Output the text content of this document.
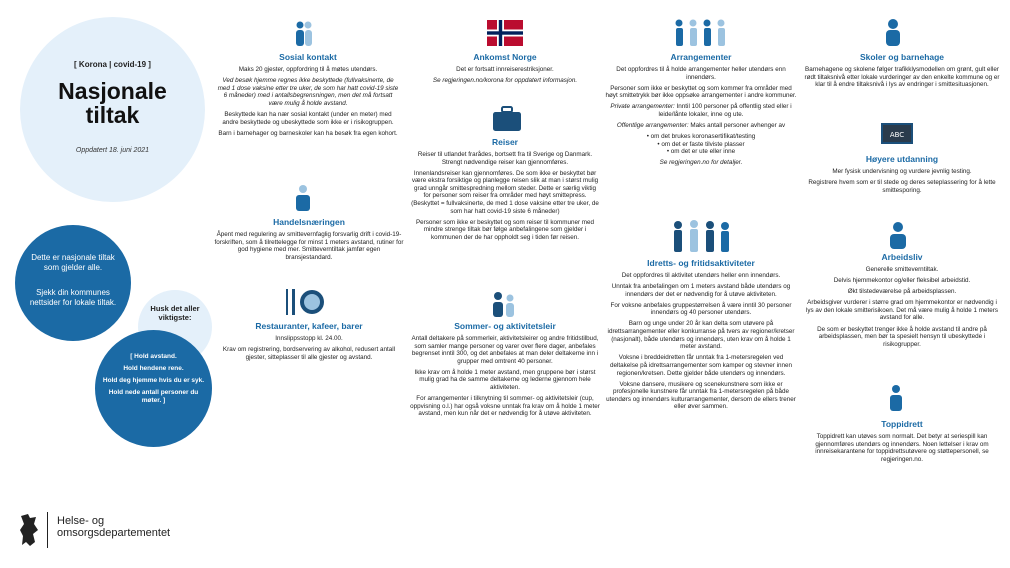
[ Korona | covid-19 ]
Nasjonale
tiltak
Oppdatert 18. juni 2021

Dette er nasjonale tiltak som gjelder alle.

Sjekk din kommunes nettsider for lokale tiltak.

Husk det aller viktigste:
[ Hold avstand.
Hold hendene rene.
Hold deg hjemme hvis du er syk.
Hold nede antall personer du møter. ]
ABC
Sosial kontakt

Maks 20 gjester, oppfordring til å møtes utendørs.

Ved besøk hjemme regnes ikke beskyttede (fullvaksinerte, de med 1 dose vaksine etter tre uker, de som har hatt covid-19 siste 6 måneder) med i antallsbegrensningen, men det må fortsatt være mulig å holde avstand.

Beskyttede kan ha nær sosial kontakt (under en meter) med andre beskyttede og ubeskyttede som ikke er i risikogruppen.

Barn i barnehager og barneskoler kan ha besøk fra egen kohort.

Handelsnæringen

Åpent med regulering av smittevernfaglig forsvarlig drift i covid-19-forskriften, som å tilrettelegge for minst 1 meters avstand, rutiner for god hygiene med mer. Smitteverntiltak jamfør egen bransjestandard.

Restauranter, kafeer, barer

Innslippsstopp kl. 24.00.

Krav om registrering, bordservering av alkohol, redusert antall gjester, sitteplasser til alle gjester og avstand.

Ankomst Norge

Det er fortsatt innreiserestriksjoner.

Se regjeringen.no/korona for oppdatert informasjon.

Reiser

Reiser til utlandet frarådes, bortsett fra til Sverige og Danmark. Strengt nødvendige reiser kan gjennomføres.

Innenlandsreiser kan gjennomføres. De som ikke er beskyttet bør være ekstra forsiktige og planlegge reisen slik at man i størst mulig grad unngår smittespredning mellom steder. Dette er særlig viktig for personer som reiser fra områder med høyt smittepress. (Beskyttet = fullvaksinerte, de med 1 dose vaksine etter tre uker, de som har hatt covid-19 siste 6 måneder)

Personer som ikke er beskyttet og som reiser til kommuner med mindre strenge tiltak bør følge anbefalingene som gjelder i kommunen der de har oppholdt seg i tiden før reisen.

Sommer- og aktivitetsleir

Antall deltakere på sommerleir, aktivitetsleirer og andre fritidstilbud, som samler mange personer og varer over flere dager, anbefales begrenset inntil 300, og det anbefales at man deler deltakerne inn i grupper med omtrent 40 personer.

Ikke krav om å holde 1 meter avstand, men gruppene bør i størst mulig grad ha de samme deltakerne og lederne gjennom hele aktiviteten.

For arrangementer i tilknytning til sommer- og aktivitetsleir (cup, oppvisning o.l.) har også voksne unntak fra krav om å holde 1 meter avstand, men kun når det er nødvendig for å utøve aktiviteten.

Arrangementer

Det oppfordres til å holde arrangementer heller utendørs enn innendørs.

Personer som ikke er beskyttet og som kommer fra områder med høyt smittetrykk bør ikke oppsøke arrangementer i andre kommuner.

Private arrangementer: Inntil 100 personer på offentlig sted eller i leide/lånte lokaler, inne og ute.

Offentlige arrangementer: Maks antall personer avhenger av

• om det brukes koronasertifikat/testing

• om det er faste tilviste plasser

• om det er ute eller inne

Se regjeringen.no for detaljer.

Idretts- og fritidsaktiviteter

Det oppfordres til aktivitet utendørs heller enn innendørs.

Unntak fra anbefalingen om 1 meters avstand både utendørs og innendørs der det er nødvendig for å utøve aktiviteten.

For voksne anbefales gruppestørrelsen å være inntil 30 personer innendørs og 40 personer utendørs.

Barn og unge under 20 år kan delta som utøvere på idrettsarrangementer eller konkurranse på tvers av regioner/kretser (nasjonalt), både utendørs og innendørs, uten krav om å holde 1 meter avstand.

Voksne i breddeidretten får unntak fra 1-metersregelen ved deltakelse på idrettsarrangementer som kamper og stevner innen regionen/kretsen. Dette gjelder både utendørs og innendørs.

Voksne dansere, musikere og scenekunstnere som ikke er profesjonelle kunstnere får unntak fra 1-metersregelen på både utendørs og innendørs kulturarrangementer, dersom de ellers trener eller øver sammen.

Skoler og barnehage

Barnehagene og skolene følger trafikklysmodellen om grønt, gult eller rødt tiltaksnivå etter lokale vurderinger av den enkelte kommune og er klar til å endre tiltaksnivå i lys av endringer i smittesituasjonen.

Høyere utdanning

Mer fysisk undervisning og vurdere jevnlig testing.

Registrere hvem som er til stede og deres seteplassering for å lette smittesporing.

Arbeidsliv

Generelle smitteverntiltak.

Delvis hjemmekontor og/eller fleksibel arbeidstid.

Økt tilstedeværelse på arbeidsplassen.

Arbeidsgiver vurderer i større grad om hjemmekontor er nødvendig i lys av den lokale smitterisikoen. Det må være mulig å holde 1 meters avstand for alle.

De som er beskyttet trenger ikke å holde avstand til andre på arbeidsplassen, men bør ta spesielt hensyn til ubeskyttede i risikogrupper.

Toppidrett

Toppidrett kan utøves som normalt. Det betyr at seriespill kan gjennomføres utendørs og innendørs. Noen lettelser i krav om innreisekarantene for toppidrettsutøvere og støttepersonell, se regjeringen.no.

Helse- og
omsorgsdepartementet
